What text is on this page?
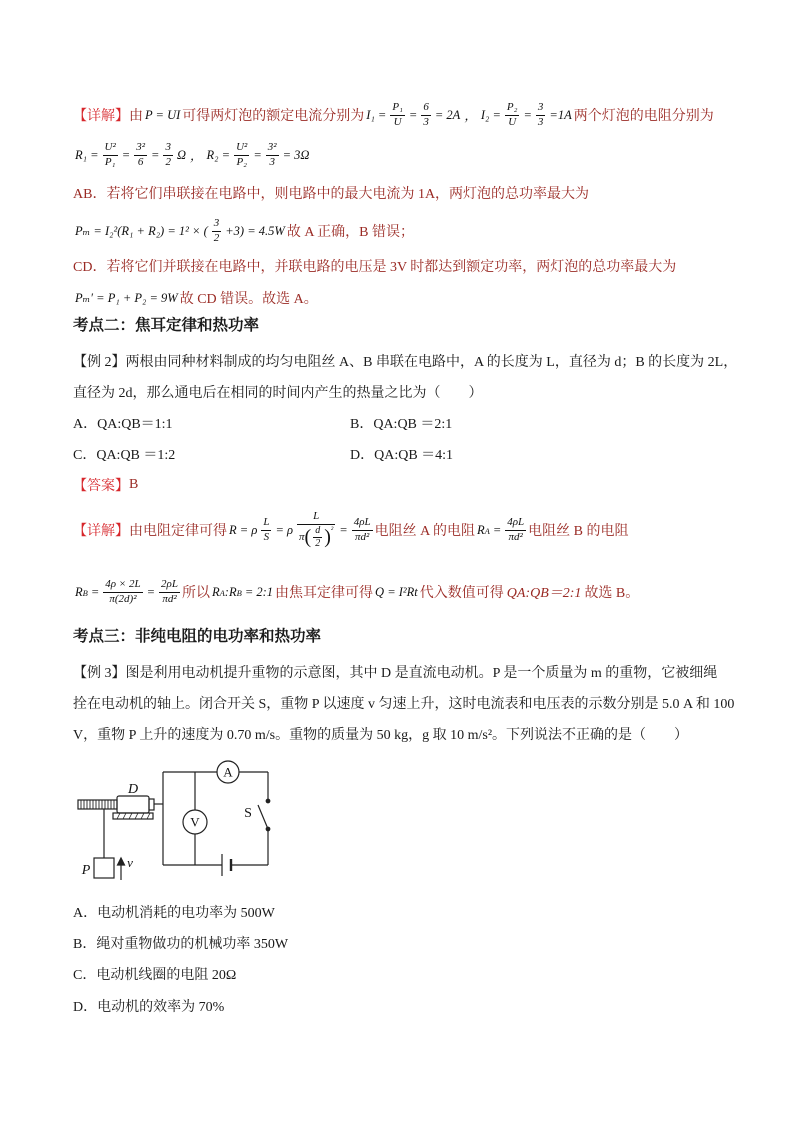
【详解】 由 P = UI 可得两灯泡的额定电流分别为 $I_1 = \frac{\text{P₁}}{U} = \frac{6}{3} = 2A$ ， $I_2 = \frac{\text{P₂}}{U} = \frac{3}{3} =1A$ 两个灯泡的电阻分别为
$R_1 = \frac{\text{U²}}{\text{P₁}} = \frac{\text{3²}}{6} = \frac{3}{2}$ Ω ， $R_2 = \frac{\text{U²}}{\text{P₂}} = \frac{\text{3²}}{3} = 3\Omega$
AB．若将它们串联接在电路中，则电路中的最大电流为 1A，两灯泡的总功率最大为
Pₘ = I₂²(R₁ + R₂) = 1² × ( $\frac{3}{2} +3) = 4.5W$ 故 A 正确，B 错误；
CD．若将它们并联接在电路中，并联电路的电压是 3V 时都达到额定功率，两灯泡的总功率最大为
Pₘ′ = P₁ + P₂ = 9W 故 CD 错误。故选 A。
考点二：焦耳定律和热功率
【例 2】两根由同种材料制成的均匀电阻丝 A、B 串联在电路中，A 的长度为 L，直径为 d；B 的长度为 2L，
直径为 2d，那么通电后在相同的时间内产生的热量之比为（　　）
A．QA:QB＝1:1	B．QA:QB ＝2:1
C．QA:QB ＝1:2	D．QA:QB ＝4:1
【答案】 B
【详解】 由电阻定律可得 R = ρ $\frac{L}{S} = \rho \frac{L}{\pi ( \frac{d}{2} ) ^2} = \frac{4\rho L}{\text{πd²}}$ 电阻丝 A 的电阻 R $A = \frac{4\rho L}{\text{πd²}}$ 电阻丝 B 的电阻
R $B = \frac{4\rho \times 2L}{\text{π(2d)²}} = \frac{2\rho L}{\text{πd²}}$ 所以 R A : R B = 2:1 由焦耳定律可得 Q = I²Rt 代入数值可得 QA:QB＝2:1 故选 B。
考点三：非纯电阻的电功率和热功率
【例 3】图是利用电动机提升重物的示意图，其中 D 是直流电动机。P 是一个质量为 m 的重物，它被细绳
拴在电动机的轴上。闭合开关 S，重物 P 以速度 v 匀速上升，这时电流表和电压表的示数分别是 5.0 A 和 100
V，重物 P 上升的速度为 0.70 m/s。重物的质量为 50 kg，g 取 10 m/s²。下列说法不正确的是（　　）
A
V
S
D
P
v
A．电动机消耗的电功率为 500W
B．绳对重物做功的机械功率 350W
C．电动机线圈的电阻 20Ω
D．电动机的效率为 70%
